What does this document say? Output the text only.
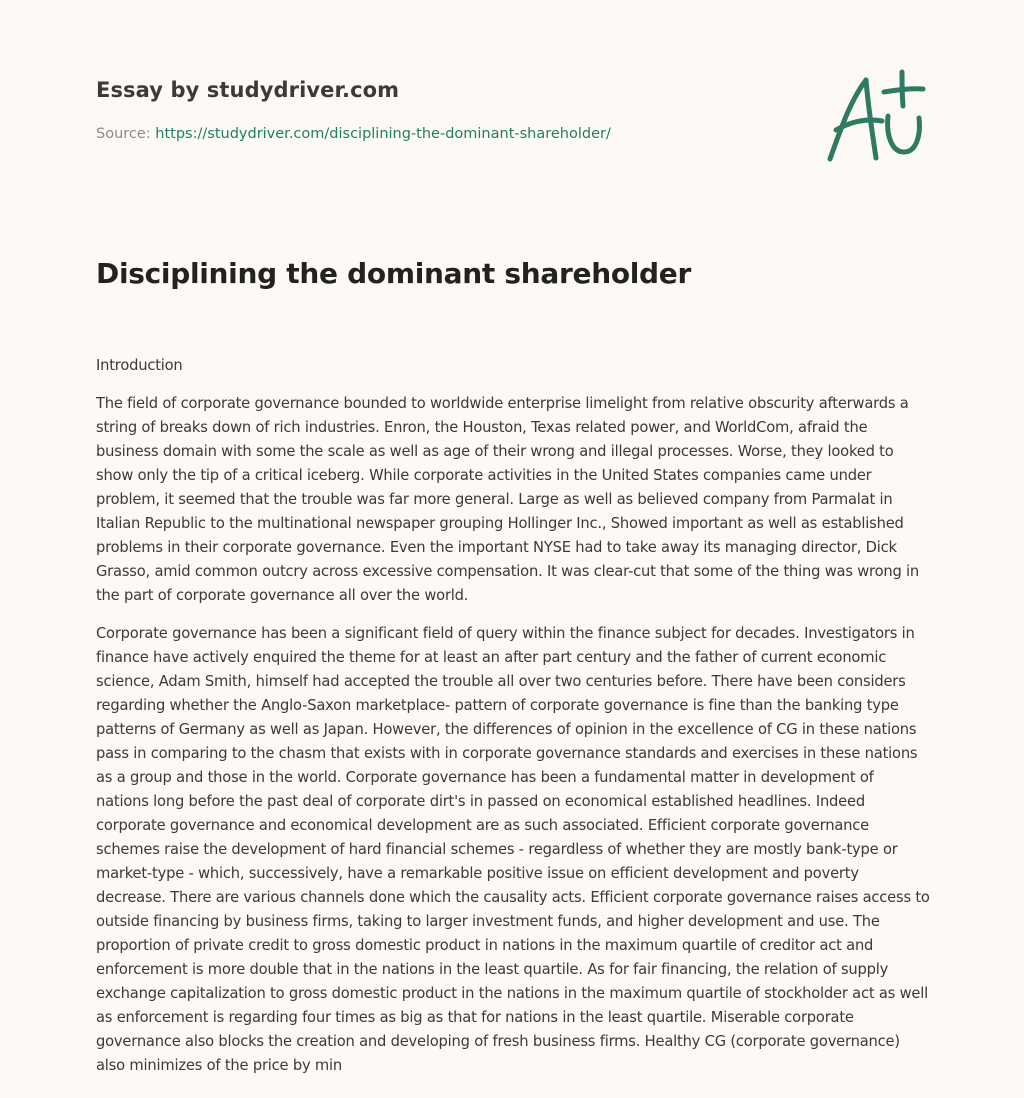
Essay by studydriver.com
Source: https://studydriver.com/disciplining-the-dominant-shareholder/
Disciplining the dominant shareholder

Introduction

The field of corporate governance bounded to worldwide enterprise limelight from relative obscurity afterwards a string of breaks down of rich industries. Enron, the Houston, Texas related power, and WorldCom, afraid the business domain with some the scale as well as age of their wrong and illegal processes. Worse, they looked to show only the tip of a critical iceberg. While corporate activities in the United States companies came under problem, it seemed that the trouble was far more general. Large as well as believed company from Parmalat in Italian Republic to the multinational newspaper grouping Hollinger Inc., Showed important as well as established problems in their corporate governance. Even the important NYSE had to take away its managing director, Dick Grasso, amid common outcry across excessive compensation. It was clear-cut that some of the thing was wrong in the part of corporate governance all over the world.

Corporate governance has been a significant field of query within the finance subject for decades. Investigators in finance have actively enquired the theme for at least an after part century and the father of current economic science, Adam Smith, himself had accepted the trouble all over two centuries before. There have been considers regarding whether the Anglo-Saxon marketplace- pattern of corporate governance is fine than the banking type patterns of Germany as well as Japan. However, the differences of opinion in the excellence of CG in these nations pass in comparing to the chasm that exists with in corporate governance standards and exercises in these nations as a group and those in the world. Corporate governance has been a fundamental matter in development of nations long before the past deal of corporate dirt's in passed on economical established headlines. Indeed corporate governance and economical development are as such associated. Efficient corporate governance schemes raise the development of hard financial schemes - regardless of whether they are mostly bank-type or market-type - which, successively, have a remarkable positive issue on efficient development and poverty decrease. There are various channels done which the causality acts. Efficient corporate governance raises access to outside financing by business firms, taking to larger investment funds, and higher development and use. The proportion of private credit to gross domestic product in nations in the maximum quartile of creditor act and enforcement is more double that in the nations in the least quartile. As for fair financing, the relation of supply exchange capitalization to gross domestic product in the nations in the maximum quartile of stockholder act as well as enforcement is regarding four times as big as that for nations in the least quartile. Miserable corporate governance also blocks the creation and developing of fresh business firms. Healthy CG (corporate governance) also minimizes of the price by min
